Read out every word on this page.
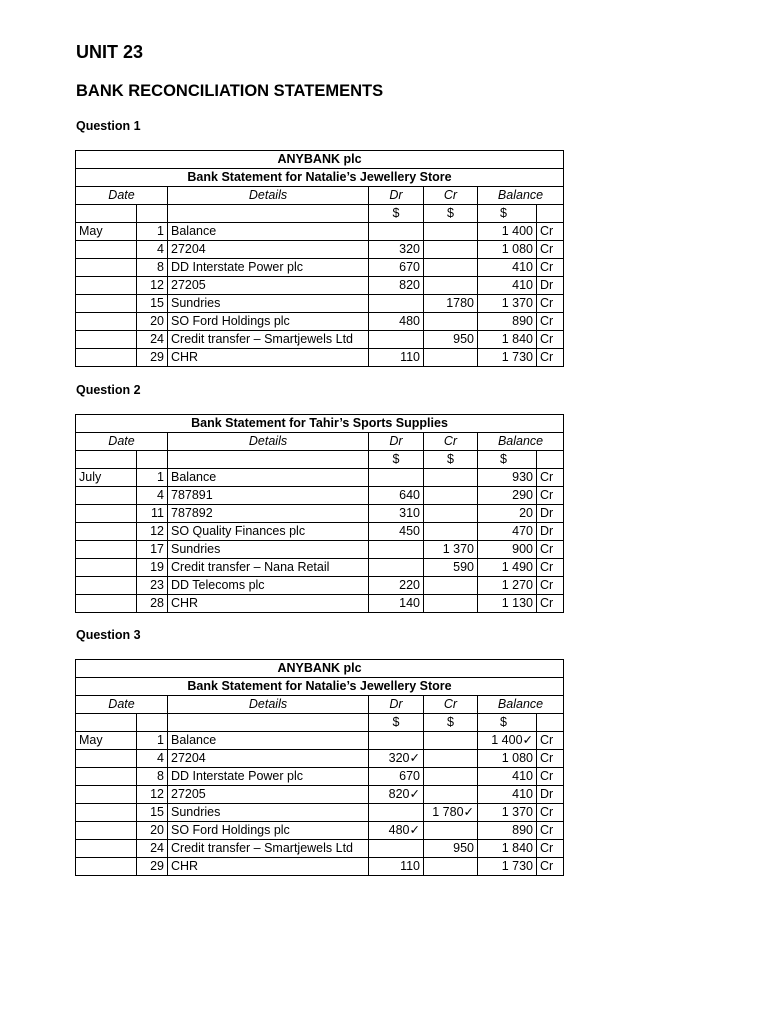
UNIT 23
BANK RECONCILIATION STATEMENTS

Question 1

ANYBANK plc						
Bank Statement for Natalie’s Jewellery Store						
Date		Details	Dr	Cr	Balance	
			$	$	$	
May	1	Balance			1 400	Cr
	4	27204	320		1 080	Cr
	8	DD Interstate Power plc	670		410	Cr
	12	27205	820		410	Dr
	15	Sundries		1780	1 370	Cr
	20	SO Ford Holdings plc	480		890	Cr
	24	Credit transfer – Smartjewels Ltd		950	1 840	Cr
	29	CHR	110		1 730	Cr

Question 2

Bank Statement for Tahir’s Sports Supplies						
Date		Details	Dr	Cr	Balance	
			$	$	$	
July	1	Balance			930	Cr
	4	787891	640		290	Cr
	11	787892	310		20	Dr
	12	SO Quality Finances plc	450		470	Dr
	17	Sundries		1 370	900	Cr
	19	Credit transfer – Nana Retail		590	1 490	Cr
	23	DD Telecoms plc	220		1 270	Cr
	28	CHR	140		1 130	Cr

Question 3

ANYBANK plc						
Bank Statement for Natalie’s Jewellery Store						
Date		Details	Dr	Cr	Balance	
			$	$	$	
May	1	Balance			1 400✓	Cr
	4	27204	320✓		1 080	Cr
	8	DD Interstate Power plc	670		410	Cr
	12	27205	820✓		410	Dr
	15	Sundries		1 780✓	1 370	Cr
	20	SO Ford Holdings plc	480✓		890	Cr
	24	Credit transfer – Smartjewels Ltd		950	1 840	Cr
	29	CHR	110		1 730	Cr
